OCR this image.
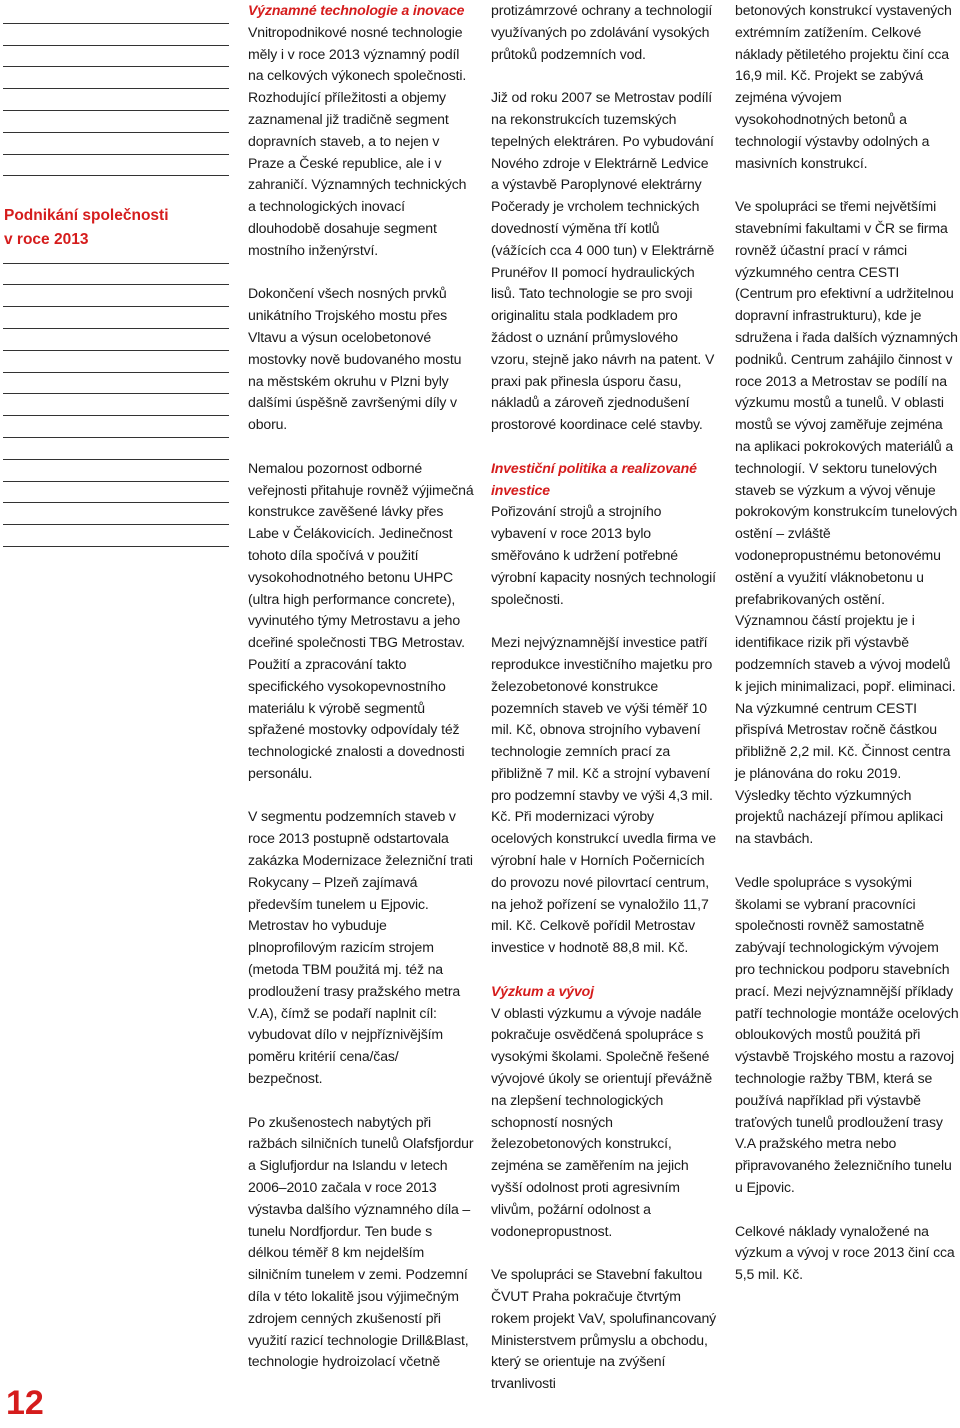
Podnikání společnosti
v roce 2013
12
Významné technologie a inovace

Vnitropodnikové nosné technologie měly i v roce 2013 významný podíl na celkových výkonech společnosti. Rozhodující příležitosti a objemy zaznamenal již tradičně segment dopravních staveb, a to nejen v Praze a České republice, ale i v zahraničí. Významných technických a technologických inovací dlouhodobě dosahuje segment mostního inženýrství.

Dokončení všech nosných prvků unikátního Trojského mostu přes Vltavu a výsun ocelobetonové mostovky nově budovaného mostu na městském okruhu v Plzni byly dalšími úspěšně završenými díly v oboru.

Nemalou pozornost odborné veřejnosti přitahuje rovněž výjimečná konstrukce zavěšené lávky přes Labe v Čelákovicích. Jedinečnost tohoto díla spočívá v použití vysokohodnotného betonu UHPC (ultra high performance concrete), vyvinutého týmy Metrostavu a jeho dceřiné společnosti TBG Metrostav. Použití a zpracování takto specifického vysokopevnostního materiálu k výrobě segmentů spřažené mostovky odpovídaly též technologické znalosti a dovednosti personálu.

V segmentu podzemních staveb v roce 2013 postupně odstartovala zakázka Modernizace železniční trati Rokycany – Plzeň zajímavá především tunelem u Ejpovic. Metrostav ho vybuduje plnoprofilovým razicím strojem (metoda TBM použitá mj. též na prodloužení trasy pražského metra V.A), čímž se podaří naplnit cíl: vybudovat dílo v nejpříznivějším poměru kritérií cena/čas/ bezpečnost.

Po zkušenostech nabytých při ražbách silničních tunelů Olafsfjordur a Siglufjordur na Islandu v letech 2006–2010 začala v roce 2013 výstavba dalšího významného díla – tunelu Nordfjordur. Ten bude s délkou téměř 8 km nejdelším silničním tunelem v zemi. Podzemní díla v této lokalitě jsou výjimečným zdrojem cenných zkušeností při využití razicí technologie Drill&Blast, technologie hydroizolací včetně

protizámrzové ochrany a technologií využívaných po zdolávání vysokých průtoků podzemních vod.

Již od roku 2007 se Metrostav podílí na rekonstrukcích tuzemských tepelných elektráren. Po vybudování Nového zdroje v Elektrárně Ledvice a výstavbě Paroplynové elektrárny Počerady je vrcholem technických dovedností výměna tří kotlů (vážících cca 4 000 tun) v Elektrárně Prunéřov II pomocí hydraulických lisů. Tato technologie se pro svoji originalitu stala podkladem pro žádost o uznání průmyslového vzoru, stejně jako návrh na patent. V praxi pak přinesla úsporu času, nákladů a zároveň zjednodušení prostorové koordinace celé stavby.

Investiční politika a realizované investice

Pořizování strojů a strojního vybavení v roce 2013 bylo směřováno k udržení potřebné výrobní kapacity nosných technologií společnosti.

Mezi nejvýznamnější investice patří reprodukce investičního majetku pro železobetonové konstrukce pozemních staveb ve výši téměř 10 mil. Kč, obnova strojního vybavení technologie zemních prací za přibližně 7 mil. Kč a strojní vybavení pro podzemní stavby ve výši 4,3 mil. Kč. Při modernizaci výroby ocelových konstrukcí uvedla firma ve výrobní hale v Horních Počernicích do provozu nové pilovrtací centrum, na jehož pořízení se vynaložilo 11,7 mil. Kč. Celkově pořídil Metrostav investice v hodnotě 88,8 mil. Kč.

Výzkum a vývoj

V oblasti výzkumu a vývoje nadále pokračuje osvědčená spolupráce s vysokými školami. Společně řešené vývojové úkoly se orientují převážně na zlepšení technologických schopností nosných železobetonových konstrukcí, zejména se zaměřením na jejich vyšší odolnost proti agresivním vlivům, požární odolnost a vodonepropustnost.

Ve spolupráci se Stavební fakultou ČVUT Praha pokračuje čtvrtým rokem projekt VaV, spolufinancovaný Ministerstvem průmyslu a obchodu, který se orientuje na zvýšení trvanlivosti

betonových konstrukcí vystavených extrémním zatížením. Celkové náklady pětiletého projektu činí cca 16,9 mil. Kč. Projekt se zabývá zejména vývojem vysokohodnotných betonů a technologií výstavby odolných a masivních konstrukcí.

Ve spolupráci se třemi největšími stavebními fakultami v ČR se firma rovněž účastní prací v rámci výzkumného centra CESTI (Centrum pro efektivní a udržitelnou dopravní infrastrukturu), kde je sdružena i řada dalších významných podniků. Centrum zahájilo činnost v roce 2013 a Metrostav se podílí na výzkumu mostů a tunelů. V oblasti mostů se vývoj zaměřuje zejména na aplikaci pokrokových materiálů a technologií. V sektoru tunelových staveb se výzkum a vývoj věnuje pokrokovým konstrukcím tunelových ostění – zvláště vodonepropustnému betonovému ostění a využití vláknobetonu u prefabrikovaných ostění. Významnou částí projektu je i identifikace rizik při výstavbě podzemních staveb a vývoj modelů k jejich minimalizaci, popř. eliminaci. Na výzkumné centrum CESTI přispívá Metrostav ročně částkou přibližně 2,2 mil. Kč. Činnost centra je plánována do roku 2019. Výsledky těchto výzkumných projektů nacházejí přímou aplikaci na stavbách.

Vedle spolupráce s vysokými školami se vybraní pracovníci společnosti rovněž samostatně zabývají technologickým vývojem pro technickou podporu stavebních prací. Mezi nejvýznamnější příklady patří technologie montáže ocelových obloukových mostů použitá při výstavbě Trojského mostu a razovoj technologie ražby TBM, která se používá například při výstavbě traťových tunelů prodloužení trasy V.A pražského metra nebo připravovaného železničního tunelu u Ejpovic.

Celkové náklady vynaložené na výzkum a vývoj v roce 2013 činí cca 5,5 mil. Kč.
